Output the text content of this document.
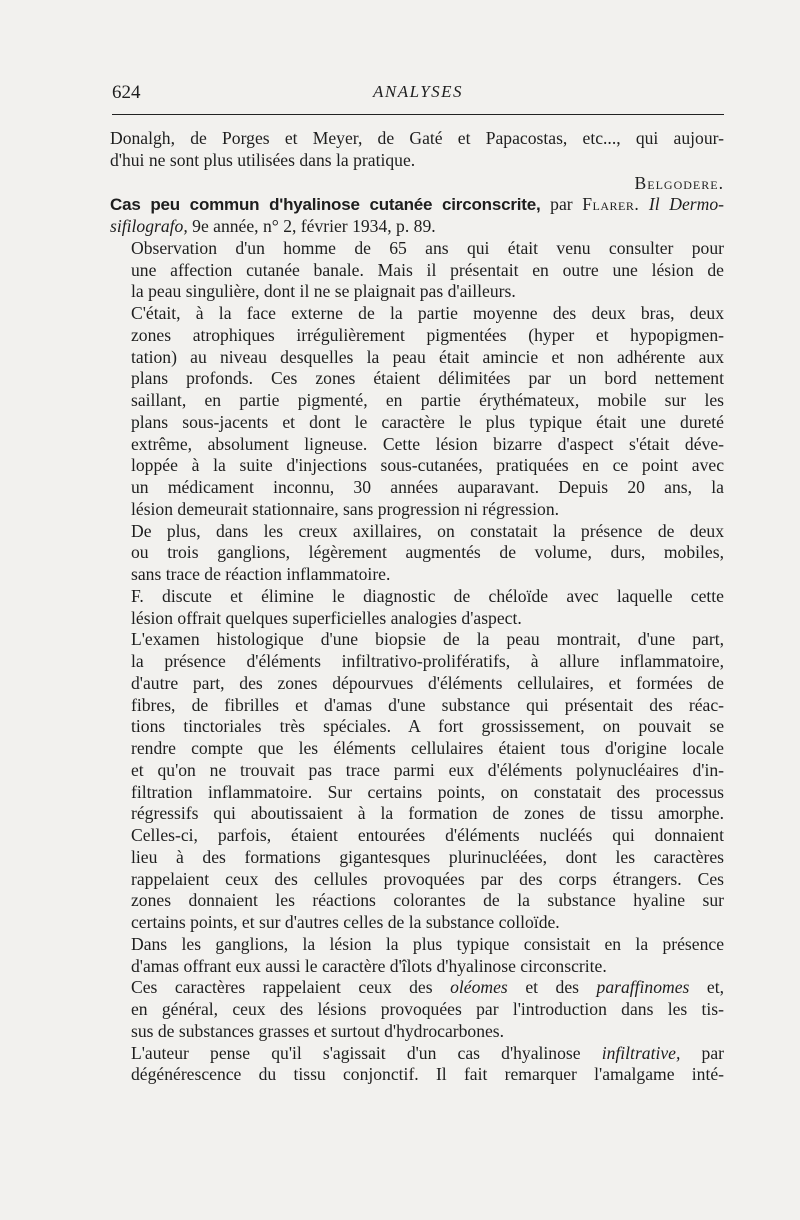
624	ANALYSES

Donalgh, de Porges et Meyer, de Gaté et Papacostas, etc..., qui aujour-
d'hui ne sont plus utilisées dans la pratique.

Belgodere.

Cas peu commun d'hyalinose cutanée circonscrite, par Flarer. Il Dermo-
sifilografo, 9e année, n° 2, février 1934, p. 89.

Observation d'un homme de 65 ans qui était venu consulter pour
une affection cutanée banale. Mais il présentait en outre une lésion de
la peau singulière, dont il ne se plaignait pas d'ailleurs.

C'était, à la face externe de la partie moyenne des deux bras, deux
zones atrophiques irrégulièrement pigmentées (hyper et hypopigmen-
tation) au niveau desquelles la peau était amincie et non adhérente aux
plans profonds. Ces zones étaient délimitées par un bord nettement
saillant, en partie pigmenté, en partie érythémateux, mobile sur les
plans sous-jacents et dont le caractère le plus typique était une dureté
extrême, absolument ligneuse. Cette lésion bizarre d'aspect s'était déve-
loppée à la suite d'injections sous-cutanées, pratiquées en ce point avec
un médicament inconnu, 30 années auparavant. Depuis 20 ans, la
lésion demeurait stationnaire, sans progression ni régression.

De plus, dans les creux axillaires, on constatait la présence de deux
ou trois ganglions, légèrement augmentés de volume, durs, mobiles,
sans trace de réaction inflammatoire.

F. discute et élimine le diagnostic de chéloïde avec laquelle cette
lésion offrait quelques superficielles analogies d'aspect.

L'examen histologique d'une biopsie de la peau montrait, d'une part,
la présence d'éléments infiltrativo-prolifératifs, à allure inflammatoire,
d'autre part, des zones dépourvues d'éléments cellulaires, et formées de
fibres, de fibrilles et d'amas d'une substance qui présentait des réac-
tions tinctoriales très spéciales. A fort grossissement, on pouvait se
rendre compte que les éléments cellulaires étaient tous d'origine locale
et qu'on ne trouvait pas trace parmi eux d'éléments polynucléaires d'in-
filtration inflammatoire. Sur certains points, on constatait des processus
régressifs qui aboutissaient à la formation de zones de tissu amorphe.
Celles-ci, parfois, étaient entourées d'éléments nucléés qui donnaient
lieu à des formations gigantesques plurinucléées, dont les caractères
rappelaient ceux des cellules provoquées par des corps étrangers. Ces
zones donnaient les réactions colorantes de la substance hyaline sur
certains points, et sur d'autres celles de la substance colloïde.

Dans les ganglions, la lésion la plus typique consistait en la présence
d'amas offrant eux aussi le caractère d'îlots d'hyalinose circonscrite.

Ces caractères rappelaient ceux des oléomes et des paraffinomes et,
en général, ceux des lésions provoquées par l'introduction dans les tis-
sus de substances grasses et surtout d'hydrocarbones.

L'auteur pense qu'il s'agissait d'un cas d'hyalinose infiltrative, par
dégénérescence du tissu conjonctif. Il fait remarquer l'amalgame inté-
